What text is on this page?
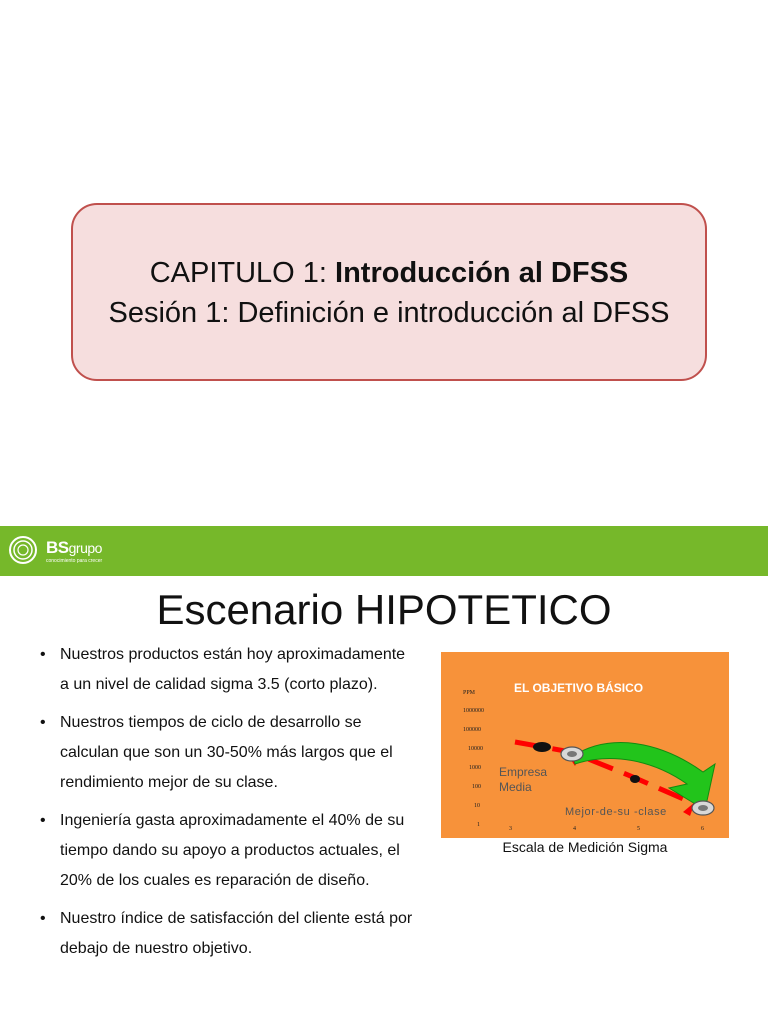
CAPITULO 1: Introducción al DFSS
Sesión 1: Definición e introducción al DFSS
BSgrupo
conocimiento para crecer
Escenario HIPOTETICO
• Nuestros productos están hoy aproximadamente a un nivel de calidad sigma 3.5 (corto plazo).
• Nuestros tiempos de ciclo de desarrollo se calculan que son un 30-50% más largos que el rendimiento mejor de su clase.
• Ingeniería gasta aproximadamente el 40% de su tiempo dando su apoyo a productos actuales, el 20% de los cuales es reparación de diseño.
• Nuestro índice de satisfacción del cliente está por debajo de nuestro objetivo.
EL OBJETIVO BÁSICO
PPM
1000000
100000
10000
1000
100
10
1
3	4	5	6
Empresa
Media
Mejor-de-su -clase
Escala de Medición Sigma
